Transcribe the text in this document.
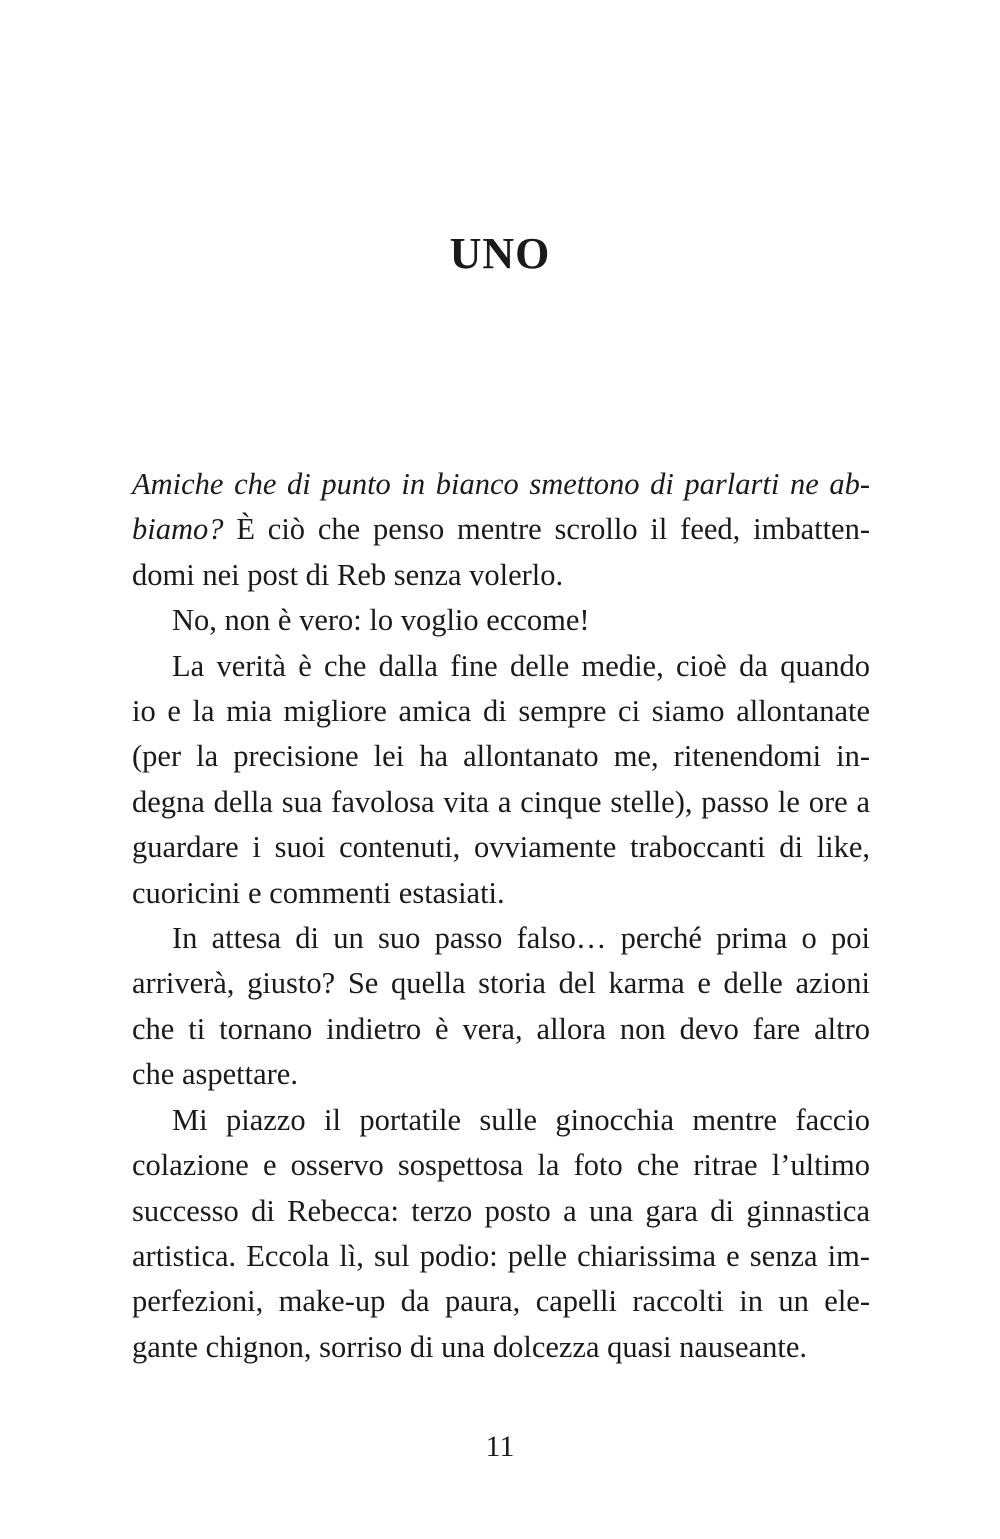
UNO

Amiche che di punto in bianco smettono di parlarti ne ab-
biamo? È ciò che penso mentre scrollo il feed, imbatten-
domi nei post di Reb senza volerlo.

No, non è vero: lo voglio eccome!

La verità è che dalla fine delle medie, cioè da quando
io e la mia migliore amica di sempre ci siamo allontanate
(per la precisione lei ha allontanato me, ritenendomi in-
degna della sua favolosa vita a cinque stelle), passo le ore a
guardare i suoi contenuti, ovviamente traboccanti di like,
cuoricini e commenti estasiati.

In attesa di un suo passo falso… perché prima o poi
arriverà, giusto? Se quella storia del karma e delle azioni
che ti tornano indietro è vera, allora non devo fare altro
che aspettare.

Mi piazzo il portatile sulle ginocchia mentre faccio
colazione e osservo sospettosa la foto che ritrae l’ultimo
successo di Rebecca: terzo posto a una gara di ginnastica
artistica. Eccola lì, sul podio: pelle chiarissima e senza im-
perfezioni, make-up da paura, capelli raccolti in un ele-
gante chignon, sorriso di una dolcezza quasi nauseante.

11
